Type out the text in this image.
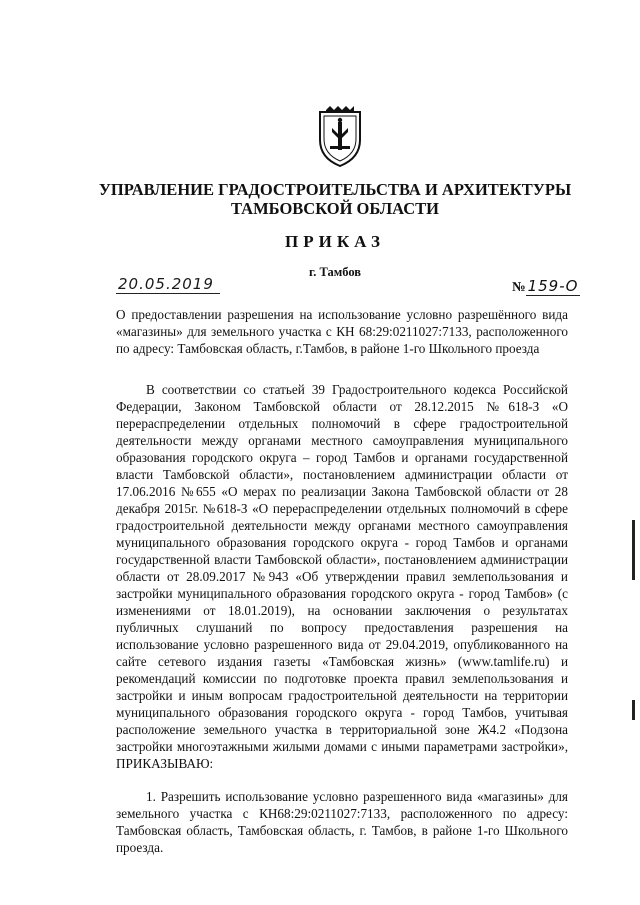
УПРАВЛЕНИЕ ГРАДОСТРОИТЕЛЬСТВА И АРХИТЕКТУРЫ ТАМБОВСКОЙ ОБЛАСТИ
ПРИКАЗ
г. Тамбов
20.05.2019	№ 159-О
О предоставлении разрешения на использование условно разрешённого вида «магазины» для земельного участка с КН 68:29:0211027:7133, расположенного по адресу: Тамбовская область, г.Тамбов, в районе 1-го Школьного проезда

В соответствии со статьей 39 Градостроительного кодекса Российской Федерации, Законом Тамбовской области от 28.12.2015 №618-З «О перераспределении отдельных полномочий в сфере градостроительной деятельности между органами местного самоуправления муниципального образования городского округа – город Тамбов и органами государственной власти Тамбовской области», постановлением администрации области от 17.06.2016 №655 «О мерах по реализации Закона Тамбовской области от 28 декабря 2015г. №618-З «О перераспределении отдельных полномочий в сфере градостроительной деятельности между органами местного самоуправления муниципального образования городского округа - город Тамбов и органами государственной власти Тамбовской области», постановлением администрации области от 28.09.2017 №943 «Об утверждении правил землепользования и застройки муниципального образования городского округа - город Тамбов» (с изменениями от 18.01.2019), на основании заключения о результатах публичных слушаний по вопросу предоставления разрешения на использование условно разрешенного вида от 29.04.2019, опубликованного на сайте сетевого издания газеты «Тамбовская жизнь» (www.tamlife.ru) и рекомендаций комиссии по подготовке проекта правил землепользования и застройки и иным вопросам градостроительной деятельности на территории муниципального образования городского округа - город Тамбов, учитывая расположение земельного участка в территориальной зоне Ж4.2 «Подзона застройки многоэтажными жилыми домами с иными параметрами застройки», ПРИКАЗЫВАЮ:

1. Разрешить использование условно разрешенного вида «магазины» для земельного участка с КН68:29:0211027:7133, расположенного по адресу: Тамбовская область, Тамбовская область, г. Тамбов, в районе 1-го Школьного проезда.
